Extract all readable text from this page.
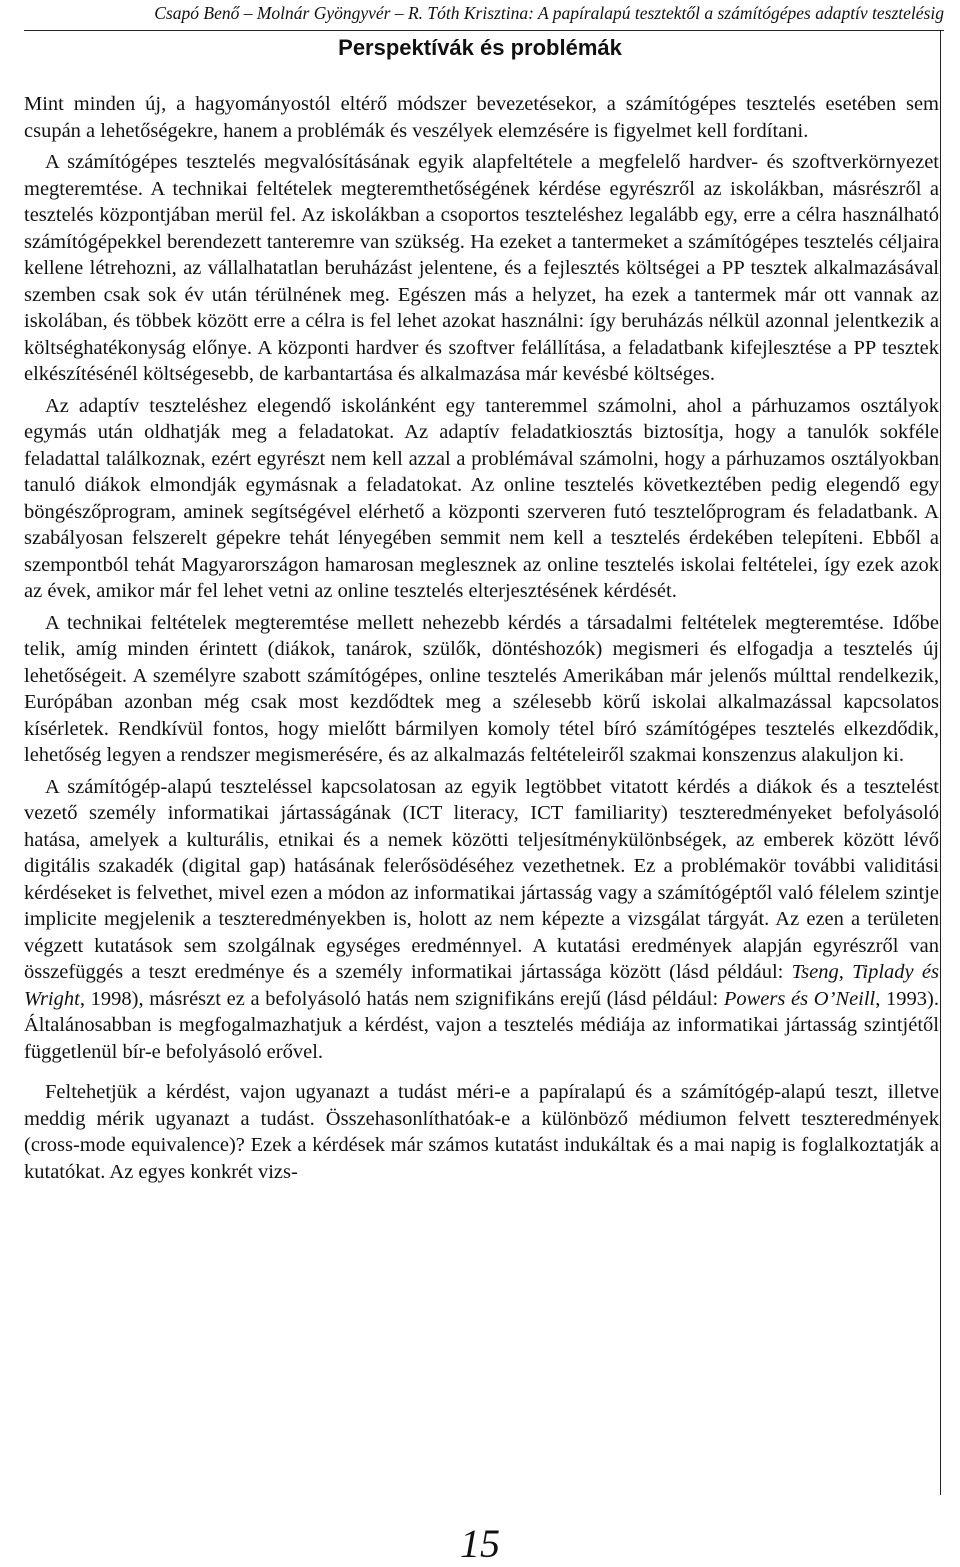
Csapó Benő – Molnár Gyöngyvér – R. Tóth Krisztina: A papíralapú tesztektől a számítógépes adaptív tesztelésig
Perspektívák és problémák

Mint minden új, a hagyományostól eltérő módszer bevezetésekor, a számítógépes tesztelés esetében sem csupán a lehetőségekre, hanem a problémák és veszélyek elemzésére is figyelmet kell fordítani.

A számítógépes tesztelés megvalósításának egyik alapfeltétele a megfelelő hardver- és szoftverkörnyezet megteremtése. A technikai feltételek megteremthetőségének kérdése egyrészről az iskolákban, másrészről a tesztelés központjában merül fel. Az iskolákban a csoportos teszteléshez legalább egy, erre a célra használható számítógépekkel berendezett tanteremre van szükség. Ha ezeket a tantermeket a számítógépes tesztelés céljaira kellene létrehozni, az vállalhatatlan beruházást jelentene, és a fejlesztés költségei a PP tesztek alkalmazásával szemben csak sok év után térülnének meg. Egészen más a helyzet, ha ezek a tantermek már ott vannak az iskolában, és többek között erre a célra is fel lehet azokat használni: így beruházás nélkül azonnal jelentkezik a költséghatékonyság előnye. A központi hardver és szoftver felállítása, a feladatbank kifejlesztése a PP tesztek elkészítésénél költségesebb, de karbantartása és alkalmazása már kevésbé költséges.

Az adaptív teszteléshez elegendő iskolánként egy tanteremmel számolni, ahol a párhuzamos osztályok egymás után oldhatják meg a feladatokat. Az adaptív feladatkiosztás biztosítja, hogy a tanulók sokféle feladattal találkoznak, ezért egyrészt nem kell azzal a problémával számolni, hogy a párhuzamos osztályokban tanuló diákok elmondják egymásnak a feladatokat. Az online tesztelés következtében pedig elegendő egy böngészőprogram, aminek segítségével elérhető a központi szerveren futó tesztelőprogram és feladatbank. A szabályosan felszerelt gépekre tehát lényegében semmit nem kell a tesztelés érdekében telepíteni. Ebből a szempontból tehát Magyarországon hamarosan meglesznek az online tesztelés iskolai feltételei, így ezek azok az évek, amikor már fel lehet vetni az online tesztelés elterjesztésének kérdését.

A technikai feltételek megteremtése mellett nehezebb kérdés a társadalmi feltételek megteremtése. Időbe telik, amíg minden érintett (diákok, tanárok, szülők, döntéshozók) megismeri és elfogadja a tesztelés új lehetőségeit. A személyre szabott számítógépes, online tesztelés Amerikában már jelenős múlttal rendelkezik, Európában azonban még csak most kezdődtek meg a szélesebb körű iskolai alkalmazással kapcsolatos kísérletek. Rendkívül fontos, hogy mielőtt bármilyen komoly tétel bíró számítógépes tesztelés elkezdődik, lehetőség legyen a rendszer megismerésére, és az alkalmazás feltételeiről szakmai konszenzus alakuljon ki.

A számítógép-alapú teszteléssel kapcsolatosan az egyik legtöbbet vitatott kérdés a diákok és a tesztelést vezető személy informatikai jártasságának (ICT literacy, ICT familiarity) teszteredményeket befolyásoló hatása, amelyek a kulturális, etnikai és a nemek közötti teljesítménykülönbségek, az emberek között lévő digitális szakadék (digital gap) hatásának felerősödéséhez vezethetnek. Ez a problémakör további validitási kérdéseket is felvethet, mivel ezen a módon az informatikai jártasság vagy a számítógéptől való félelem szintje implicite megjelenik a teszteredményekben is, holott az nem képezte a vizsgálat tárgyát. Az ezen a területen végzett kutatások sem szolgálnak egységes eredménnyel. A kutatási eredmények alapján egyrészről van összefüggés a teszt eredménye és a személy informatikai jártassága között (lásd például: Tseng, Tiplady és Wright, 1998), másrészt ez a befolyásoló hatás nem szignifikáns erejű (lásd például: Powers és O’Neill, 1993). Általánosabban is megfogalmazhatjuk a kérdést, vajon a tesztelés médiája az informatikai jártasság szintjétől függetlenül bír-e befolyásoló erővel.

Feltehetjük a kérdést, vajon ugyanazt a tudást méri-e a papíralapú és a számítógép-alapú teszt, illetve meddig mérik ugyanazt a tudást. Összehasonlíthatóak-e a különböző médiumon felvett teszteredmények (cross-mode equivalence)? Ezek a kérdések már számos kutatást indukáltak és a mai napig is foglalkoztatják a kutatókat. Az egyes konkrét vizs-

15
